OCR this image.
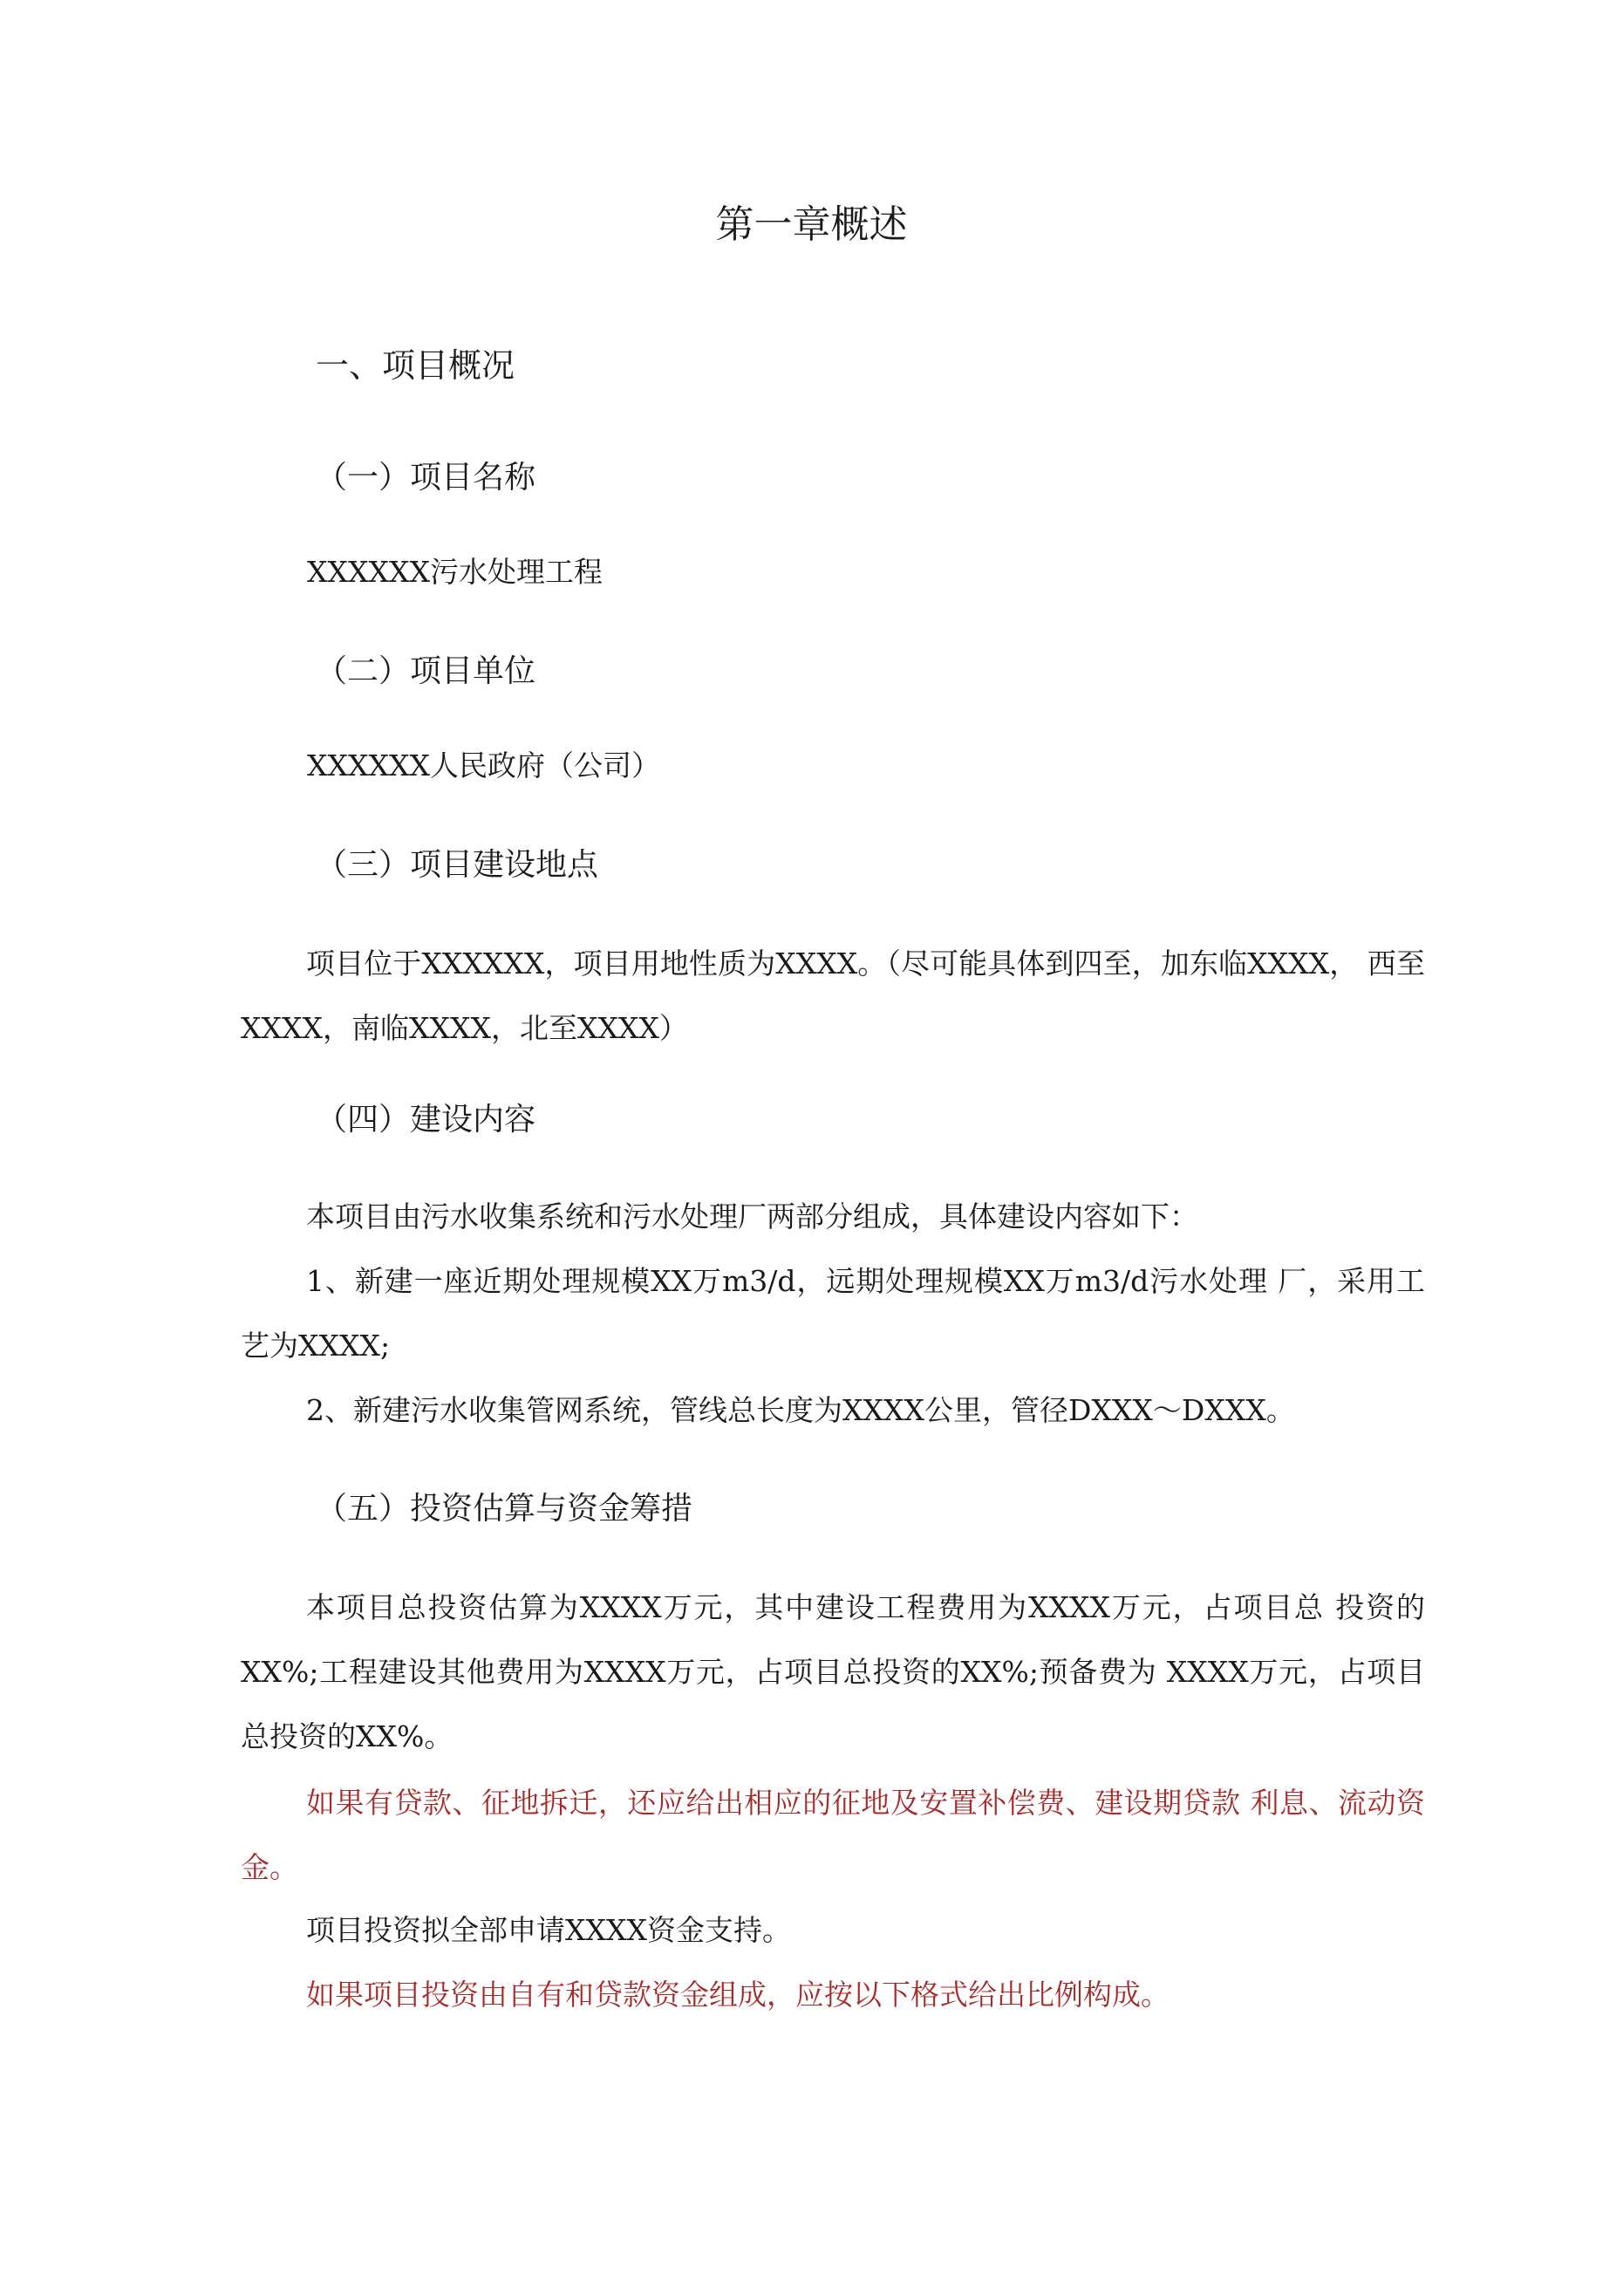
第一章概述
一、项目概况
（一）项目名称
XXXXXX污水处理工程
（二）项目单位
XXXXXX人民政府（公司）
（三）项目建设地点

项目位于XXXXXX，项目用地性质为XXXX。（尽可能具体到四至，加东临XXXX， 西至XXXX，南临XXXX，北至XXXX）

（四）建设内容

本项目由污水收集系统和污水处理厂两部分组成，具体建设内容如下：

1、新建一座近期处理规模XX万m3/d，远期处理规模XX万m3/d污水处理 厂，采用工艺为XXXX;

2、新建污水收集管网系统，管线总长度为XXXX公里，管径DXXX〜DXXX。

（五）投资估算与资金筹措

本项目总投资估算为XXXX万元，其中建设工程费用为XXXX万元，占项目总 投资的XX%;工程建设其他费用为XXXX万元，占项目总投资的XX%;预备费为 XXXX万元，占项目总投资的XX%。

如果有贷款、征地拆迁，还应给出相应的征地及安置补偿费、建设期贷款 利息、流动资金。

项目投资拟全部申请XXXX资金支持。

如果项目投资由自有和贷款资金组成，应按以下格式给出比例构成。
